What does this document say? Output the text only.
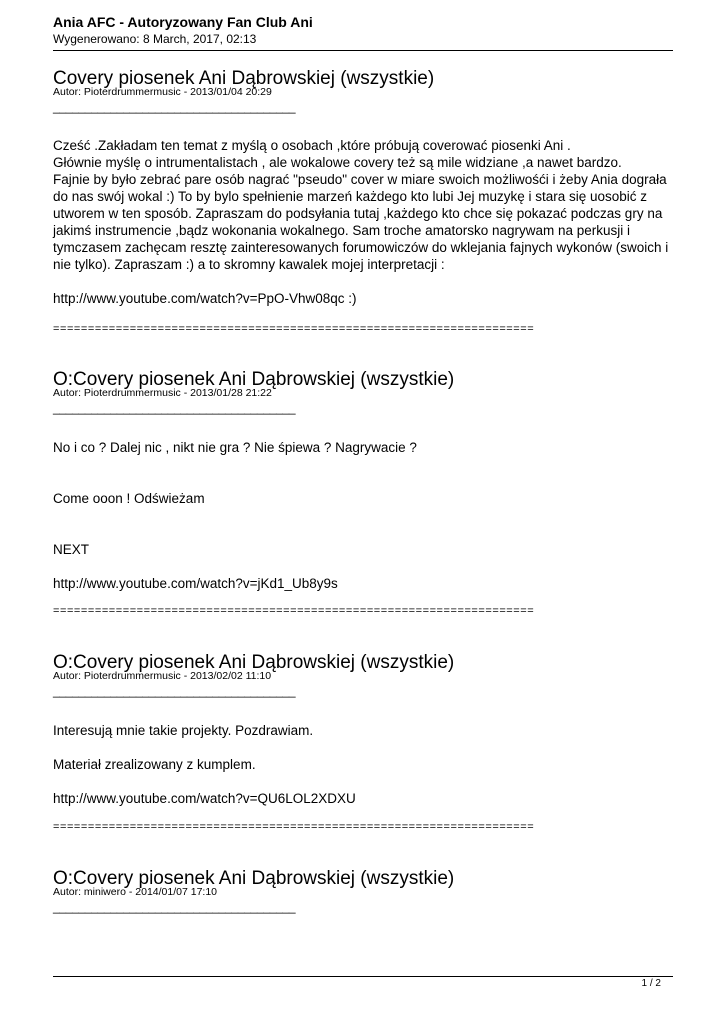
Ania AFC - Autoryzowany Fan Club Ani
Wygenerowano: 8 March, 2017, 02:13
Covery piosenek Ani Dąbrowskiej (wszystkie)
Autor: Pioterdrummermusic - 2013/01/04 20:29
______________________________________
Cześć .Zakładam ten temat z myślą o osobach ,które próbują coverować piosenki Ani .
Głównie myślę o intrumentalistach , ale wokalowe covery też są mile widziane ,a nawet bardzo.
Fajnie by było zebrać pare osób nagrać "pseudo" cover w miare swoich możliwośći i żeby Ania dograła
do nas swój wokal :) To by bylo spełnienie marzeń każdego kto lubi Jej muzykę i stara się uosobić z
utworem w ten sposób. Zapraszam do podsyłania tutaj ,każdego kto chce się pokazać podczas gry na
jakimś instrumencie ,bądz wokonania wokalnego. Sam troche amatorsko nagrywam na perkusji i
tymczasem zachęcam resztę zainteresowanych forumowiczów do wklejania fajnych wykonów (swoich i
nie tylko). Zapraszam :) a to skromny kawalek mojej interpretacji :
http://www.youtube.com/watch?v=PpO-Vhw08qc :)
=====================================================================
O:Covery piosenek Ani Dąbrowskiej (wszystkie)
Autor: Pioterdrummermusic - 2013/01/28 21:22
______________________________________
No i co ? Dalej nic , nikt nie gra ? Nie śpiewa ? Nagrywacie ?
Come ooon ! Odświeżam
NEXT
http://www.youtube.com/watch?v=jKd1_Ub8y9s
=====================================================================
O:Covery piosenek Ani Dąbrowskiej (wszystkie)
Autor: Pioterdrummermusic - 2013/02/02 11:10
______________________________________
Interesują mnie takie projekty. Pozdrawiam.
Materiał zrealizowany z kumplem.
http://www.youtube.com/watch?v=QU6LOL2XDXU
=====================================================================
O:Covery piosenek Ani Dąbrowskiej (wszystkie)
Autor: miniwero - 2014/01/07 17:10
______________________________________
1 / 2
